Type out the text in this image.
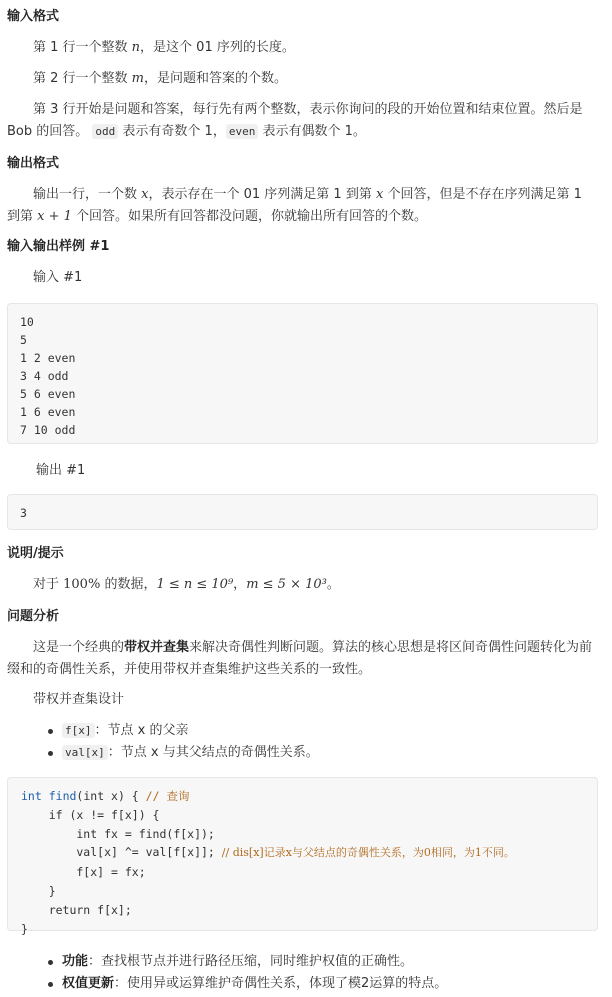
输入格式

第 1 行一个整数 n，是这个 01 序列的长度。

第 2 行一个整数 m，是问题和答案的个数。

第 3 行开始是问题和答案，每行先有两个整数，表示你询问的段的开始位置和结束位置。然后是 Bob 的回答。 odd 表示有奇数个 1， even 表示有偶数个 1。

输出格式

输出一行，一个数 x，表示存在一个 01 序列满足第 1 到第 x 个回答，但是不存在序列满足第 1 到第 x + 1 个回答。如果所有回答都没问题，你就输出所有回答的个数。

输入输出样例 #1

输入 #1

10
5
1 2 even
3 4 odd
5 6 even
1 6 even
7 10 odd

输出 #1

3
说明/提示

对于 100% 的数据，1 ≤ n ≤ 10⁹，m ≤ 5 × 10³。

问题分析

这是一个经典的带权并查集来解决奇偶性判断问题。算法的核心思想是将区间奇偶性问题转化为前缀和的奇偶性关系，并使用带权并查集维护这些关系的一致性。

带权并查集设计

f[x] ：节点 x 的父亲
val[x] ：节点 x 与其父结点的奇偶性关系。
int find(int x) { // 查询
if (x != f[x]) {
int fx = find(f[x]);
val[x] ^= val[f[x]]; // dis[x]记录x与父结点的奇偶性关系，为0相同，为1不同。
f[x] = fx;
}
return f[x];
}
功能：查找根节点并进行路径压缩，同时维护权值的正确性。
权值更新：使用异或运算维护奇偶性关系，体现了模2运算的特点。
